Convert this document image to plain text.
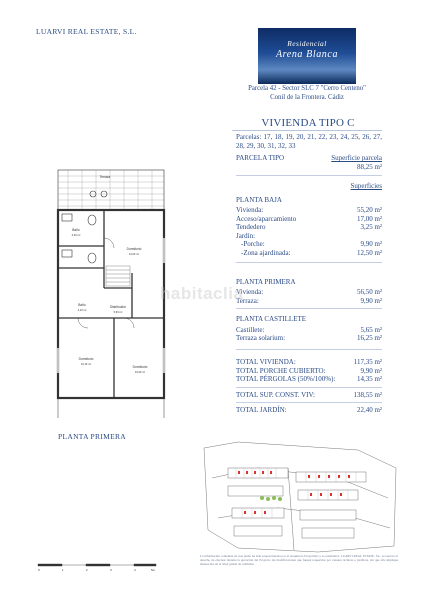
LUARVI REAL ESTATE, S.L.
Residencial
Arena Blanca
Parcela 42 - Sector SLC 7 "Cerro Centeno"
Conil de la Frontera. Cádiz
VIVIENDA TIPO C
Parcelas: 17, 18, 19, 20, 21, 22, 23, 24, 25, 26, 27, 28, 29, 30, 31, 32, 33
PARCELA TIPO	Superficie parcela
88,25 m²
Superficies
PLANTA BAJA
Vivienda:	55,20 m²
Acceso/aparcamiento	17,00 m²
Tendedero	3,25 m²
Jardín:
-Porche:	9,90 m²
-Zona ajardinada:	12,50 m²
PLANTA PRIMERA
Vivienda:	56,50 m²
Terraza:	9,90 m²
PLANTA CASTILLETE
Castillete:	5,65 m²
Terraza solarium:	16,25 m²
TOTAL VIVIENDA:	117,35 m²
TOTAL PORCHE CUBIERTO:	9,90 m²
TOTAL PÉRGOLAS (50%/100%):	14,35 m²
TOTAL SUP. CONST. VIV:	138,55 m²
TOTAL JARDÍN:	22,40 m²
Terraza
Baño
4,30 m²
Dormitorio
12,00 m²
Baño
4,10 m²
Distribuidor
5,63 m²
Dormitorio
10,15 m²
Dormitorio
10,00 m²
PLANTA PRIMERA
habitaclia
La información contenida en este plano ha sido proporcionada por el Arquitecto Proyectista y es orientativa. LUARVI REAL ESTATE, S.L. se reserva el derecho de efectuar durante la ejecución del Proyecto las modificaciones que fuesen requeridas por razones técnicas o jurídicas, sin que ello implique menoscabo en el nivel global de calidades.
0	1	2	3	4	5m
